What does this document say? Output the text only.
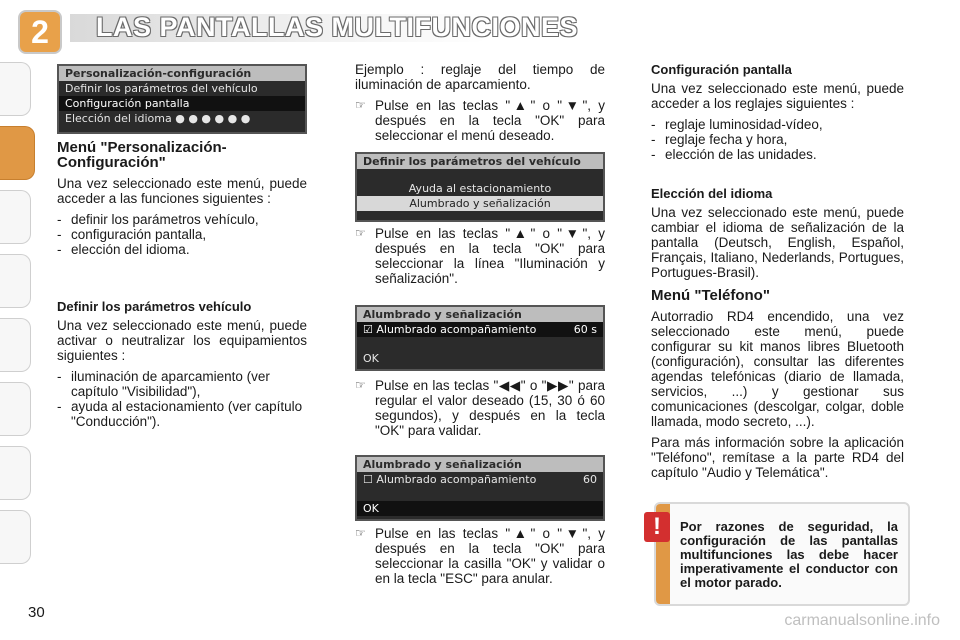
2	LAS PANTALLAS MULTIFUNCIONES
Personalización-configuración
Definir los parámetros del vehículo
Configuración pantalla
Elección del idioma ● ● ● ● ● ●
Menú "Personalización-Configuración"

Una vez seleccionado este menú, puede acceder a las funciones siguientes :

- definir los parámetros vehículo,
- configuración pantalla,
- elección del idioma.
Definir los parámetros vehículo

Una vez seleccionado este menú, puede activar o neutralizar los equipamientos siguientes :

- iluminación de aparcamiento (ver capítulo "Visibilidad"),
- ayuda al estacionamiento (ver capítulo "Conducción").

Ejemplo : reglaje del tiempo de iluminación de aparcamiento.

☞ Pulse en las teclas "▲" o "▼", y después en la tecla "OK" para seleccionar el menú deseado.
Definir los parámetros del vehículo
Ayuda al estacionamiento
Alumbrado y señalización
☞ Pulse en las teclas "▲" o "▼", y después en la tecla "OK" para seleccionar la línea "Iluminación y señalización".
Alumbrado y señalización
☑ Alumbrado acompañamiento	60 s
OK
☞ Pulse en las teclas "◀◀" o "▶▶" para regular el valor deseado (15, 30 ó 60 segundos), y después en la tecla "OK" para validar.
Alumbrado y señalización
☐ Alumbrado acompañamiento	60
OK
☞ Pulse en las teclas "▲" o "▼", y después en la tecla "OK" para seleccionar la casilla "OK" y validar o en la tecla "ESC" para anular.
Configuración pantalla

Una vez seleccionado este menú, puede acceder a los reglajes siguientes :

- reglaje luminosidad-vídeo,
- reglaje fecha y hora,
- elección de las unidades.
Elección del idioma

Una vez seleccionado este menú, puede cambiar el idioma de señalización de la pantalla (Deutsch, English, Español, Français, Italiano, Nederlands, Portugues, Portugues-Brasil).

Menú "Teléfono"

Autorradio RD4 encendido, una vez seleccionado este menú, puede configurar su kit manos libres Bluetooth (configuración), consultar las diferentes agendas telefónicas (diario de llamada, servicios, ...) y gestionar sus comunicaciones (descolgar, colgar, doble llamada, modo secreto, ...).

Para más información sobre la aplicación "Teléfono", remítase a la parte RD4 del capítulo "Audio y Telemática".

!	Por razones de seguridad, la configuración de las pantallas multifunciones las debe hacer imperativamente el conductor con el motor parado.
30	carmanualsonline.info
